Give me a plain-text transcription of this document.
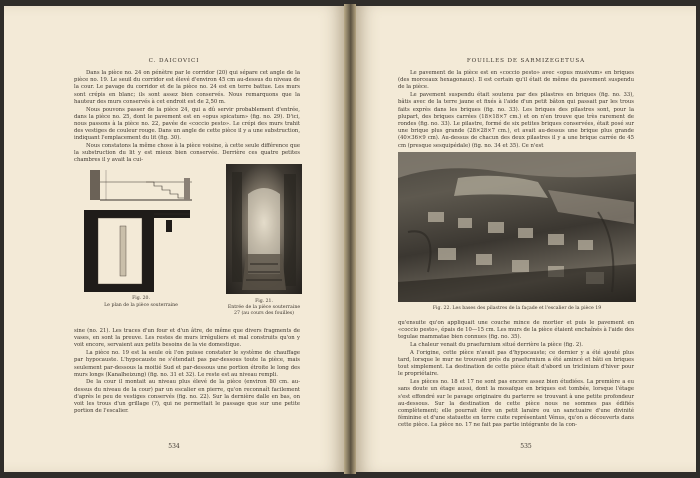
C. DAICOVICI

Dans la pièce no. 24 on pénètre par le corridor (20) qui sépare cet angle de la pièce no. 19. Le seuil du corridor est élevé d'environ 45 cm au-dessus du niveau de la cour. Le pavage du corridor et de la pièce no. 24 est en terre battue. Les murs sont crépis en blanc; ils sont assez bien conservés. Nous remarquons que la hauteur des murs conservés à cet endroit est de 2,50 m.

Nous pouvons passer de la pièce 24, qui a dû servir probablement d'entrée, dans la pièce no. 25, dont le pavement est en «opus spicatum» (fig. no. 29). D'ici, nous passons à la pièce no. 22, pavée de «coccio pesto». Le crépi des murs trahit des vestiges de couleur rouge. Dans un angle de cette pièce il y a une substruction, indiquant l'emplacement du lit (fig. 30).

Nous constatons la même chose à la pièce voisine, à cette seule différence que la substruction du lit y est mieux bien conservée. Derrière ces quatre petites chambres il y avait la cui-

Fig. 20.
Le plan de la pièce souterraine
Fig. 21.
Entrée de la pièce souterraine 27 (au cours des fouilles)

sine (no. 21). Les traces d'un four et d'un âtre, de même que divers fragments de vases, en sont la preuve. Les restes de murs irréguliers et mal construits qu'on y voit encore, servaient aux petits besoins de la vie domestique.

La pièce no. 19 est la seule où l'on puisse constater le système de chauffage par hypocauste. L'hypocauste ne s'étendait pas par-dessous toute la pièce, mais seulement par-dessous la moitié Sud et par-dessous une portion étroite le long des murs longs (Kanalheizung) (fig. no. 31 et 32). Le reste est au niveau rempli.

De la cour il montait au niveau plus élevé de la pièce (environ 80 cm. au-dessus du niveau de la cour) par un escalier en pierre, qu'on reconnaît facilement d'après le peu de vestiges conservés (fig. no. 22). Sur la dernière dalle en bas, on voit les trous d'un grillage (?), qui ne permettait le passage que sur une petite portion de l'escalier.

534
FOUILLES DE SARMIZEGETUSA

Le pavement de la pièce est en «coccio pesto» avec «opus musivum» en briques (des morceaux hexagonaux). Il est certain qu'il était de même du pavement suspendu de la pièce.

Le pavement suspendu était soutenu par des pilastres en briques (fig. no. 33), bâtis avec de la terre jaune et fixés à l'aide d'un petit bâton qui passait par les trous faits exprès dans les briques (fig. no. 33). Les briques des pilastres sont, pour la plupart, des briques carrées (18×18×7 cm.) et on n'en trouve que très rarement de rondes (fig. no. 33). Le pilastre, formé de six petites briques conservées, était posé sur une brique plus grande (28×28×7 cm.), et avait au-dessus une brique plus grande (40×36×9 cm). Au-dessus de chacun des deux pilastres il y a une brique carrée de 45 cm (presque sesquipédale) (fig. no. 34 et 35). Ce n'est

Fig. 22. Les bases des pilastres de la façade et l'escalier de la pièce 19

qu'ensuite qu'on appliquait une couche mince de mortier et puis le pavement en «coccio pesto», épais de 10—15 cm. Les murs de la pièce étaient enchaînés à l'aide des tegulae mammatae bien connues (fig. no. 35).

La chaleur venait du praefurnium situé derrière la pièce (fig. 2).

A l'origine, cette pièce n'avait pas d'hypocauste; ce dernier y a été ajouté plus tard, lorsque le mur ne trouvant près du praefurnium a été amincé et bâti en briques tout simplement. La destination de cette pièce était d'abord un triclinium d'hiver pour le propriétaire.

Les pièces no. 18 et 17 ne sont pas encore assez bien étudiées. La première a eu sans doute un étage aussi, dont la mosaïque en briques est tombée, lorsque l'étage s'est effondré sur le pavage originaire du parterre se trouvant à une petite profondeur au-dessous. Sur la destination de cette pièce nous ne sommes pas édifiés complètement; elle pourrait être un petit laraire ou un sanctuaire d'une divinité féminine et d'une statuette en terre cuite représentant Vénus, qu'on a découverts dans cette pièce. La pièce no. 17 ne fait pas partie intégrante de la con-

535
